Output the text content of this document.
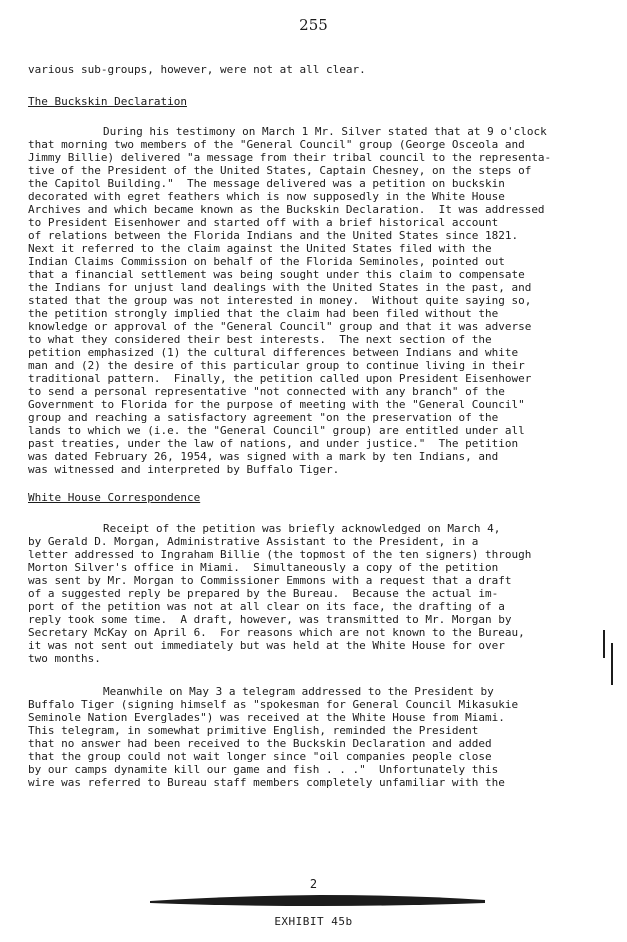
255
various sub-groups, however, were not at all clear.
The Buckskin Declaration
During his testimony on March 1 Mr. Silver stated that at 9 o'clock
that morning two members of the "General Council" group (George Osceola and
Jimmy Billie) delivered "a message from their tribal council to the representa-
tive of the President of the United States, Captain Chesney, on the steps of
the Capitol Building."  The message delivered was a petition on buckskin
decorated with egret feathers which is now supposedly in the White House
Archives and which became known as the Buckskin Declaration.  It was addressed
to President Eisenhower and started off with a brief historical account
of relations between the Florida Indians and the United States since 1821.
Next it referred to the claim against the United States filed with the
Indian Claims Commission on behalf of the Florida Seminoles, pointed out
that a financial settlement was being sought under this claim to compensate
the Indians for unjust land dealings with the United States in the past, and
stated that the group was not interested in money.  Without quite saying so,
the petition strongly implied that the claim had been filed without the
knowledge or approval of the "General Council" group and that it was adverse
to what they considered their best interests.  The next section of the
petition emphasized (1) the cultural differences between Indians and white
man and (2) the desire of this particular group to continue living in their
traditional pattern.  Finally, the petition called upon President Eisenhower
to send a personal representative "not connected with any branch" of the
Government to Florida for the purpose of meeting with the "General Council"
group and reaching a satisfactory agreement "on the preservation of the
lands to which we (i.e. the "General Council" group) are entitled under all
past treaties, under the law of nations, and under justice."  The petition
was dated February 26, 1954, was signed with a mark by ten Indians, and
was witnessed and interpreted by Buffalo Tiger.
White House Correspondence
Receipt of the petition was briefly acknowledged on March 4,
by Gerald D. Morgan, Administrative Assistant to the President, in a
letter addressed to Ingraham Billie (the topmost of the ten signers) through
Morton Silver's office in Miami.  Simultaneously a copy of the petition
was sent by Mr. Morgan to Commissioner Emmons with a request that a draft
of a suggested reply be prepared by the Bureau.  Because the actual im-
port of the petition was not at all clear on its face, the drafting of a
reply took some time.  A draft, however, was transmitted to Mr. Morgan by
Secretary McKay on April 6.  For reasons which are not known to the Bureau,
it was not sent out immediately but was held at the White House for over
two months.
Meanwhile on May 3 a telegram addressed to the President by
Buffalo Tiger (signing himself as "spokesman for General Council Mikasukie
Seminole Nation Everglades") was received at the White House from Miami.
This telegram, in somewhat primitive English, reminded the President
that no answer had been received to the Buckskin Declaration and added
that the group could not wait longer since "oil companies people close
by our camps dynamite kill our game and fish . . ."  Unfortunately this
wire was referred to Bureau staff members completely unfamiliar with the
2
EXHIBIT 45b
